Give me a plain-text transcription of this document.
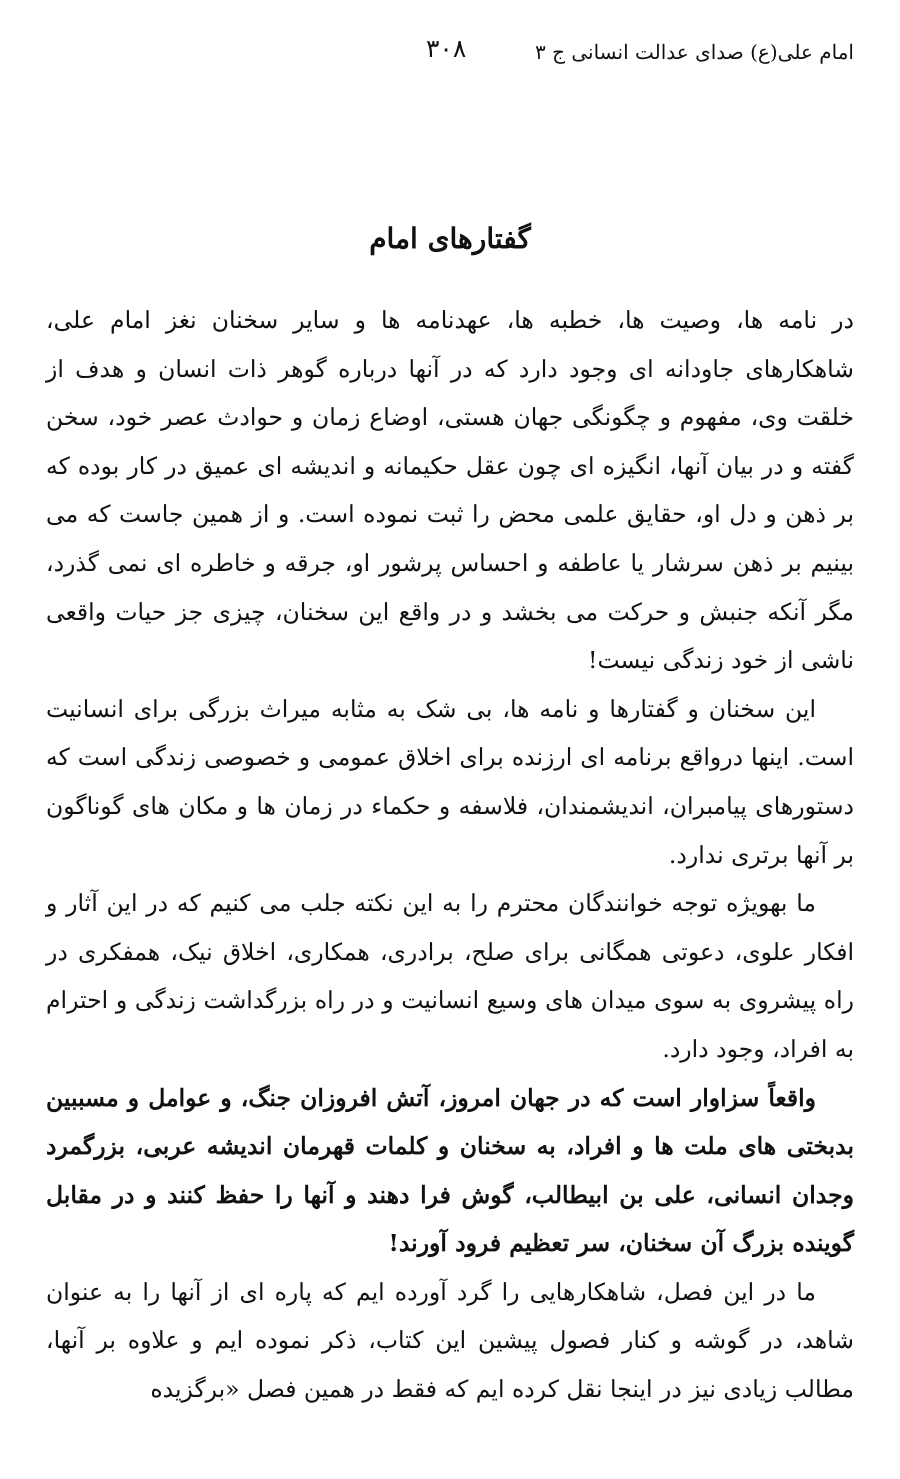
امام علی(ع) صدای عدالت انسانی ج ۳
۳۰۸
گفتارهای امام

در نامه ها، وصیت ها، خطبه ها، عهدنامه ها و سایر سخنان نغز امام علی، شاهکارهای جاودانه ای وجود دارد که در آنها درباره گوهر ذات انسان و هدف از خلقت وی، مفهوم و چگونگی جهان هستی، اوضاع زمان و حوادث عصر خود، سخن گفته و در بیان آنها، انگیزه ای چون عقل حکیمانه و اندیشه ای عمیق در کار بوده که بر ذهن و دل او، حقایق علمی محض را ثبت نموده است. و از همین جاست که می بینیم بر ذهن سرشار یا عاطفه و احساس پرشور او، جرقه و خاطره ای نمی گذرد، مگر آنکه جنبش و حرکت می بخشد و در واقع این سخنان، چیزی جز حیات واقعی ناشی از خود زندگی نیست!

این سخنان و گفتارها و نامه ها، بی شک به مثابه میراث بزرگی برای انسانیت است. اینها درواقع برنامه ای ارزنده برای اخلاق عمومی و خصوصی زندگی است که دستورهای پیامبران، اندیشمندان، فلاسفه و حکماء در زمان ها و مکان های گوناگون بر آنها برتری ندارد.

ما بهویژه توجه خوانندگان محترم را به این نکته جلب می کنیم که در این آثار و افکار علوی، دعوتی همگانی برای صلح، برادری، همکاری، اخلاق نیک، همفکری در راه پیشروی به سوی میدان های وسیع انسانیت و در راه بزرگداشت زندگی و احترام به افراد، وجود دارد.

واقعاً سزاوار است که در جهان امروز، آتش افروزان جنگ، و عوامل و مسببین بدبختی های ملت ها و افراد، به سخنان و کلمات قهرمان اندیشه عربی، بزرگمرد وجدان انسانی، علی بن ابیطالب، گوش فرا دهند و آنها را حفظ کنند و در مقابل گوینده بزرگ آن سخنان، سر تعظیم فرود آورند!

ما در این فصل، شاهکارهایی را گرد آورده ایم که پاره ای از آنها را به عنوان شاهد، در گوشه و کنار فصول پیشین این کتاب، ذکر نموده ایم و علاوه بر آنها، مطالب زیادی نیز در اینجا نقل کرده ایم که فقط در همین فصل «برگزیده
